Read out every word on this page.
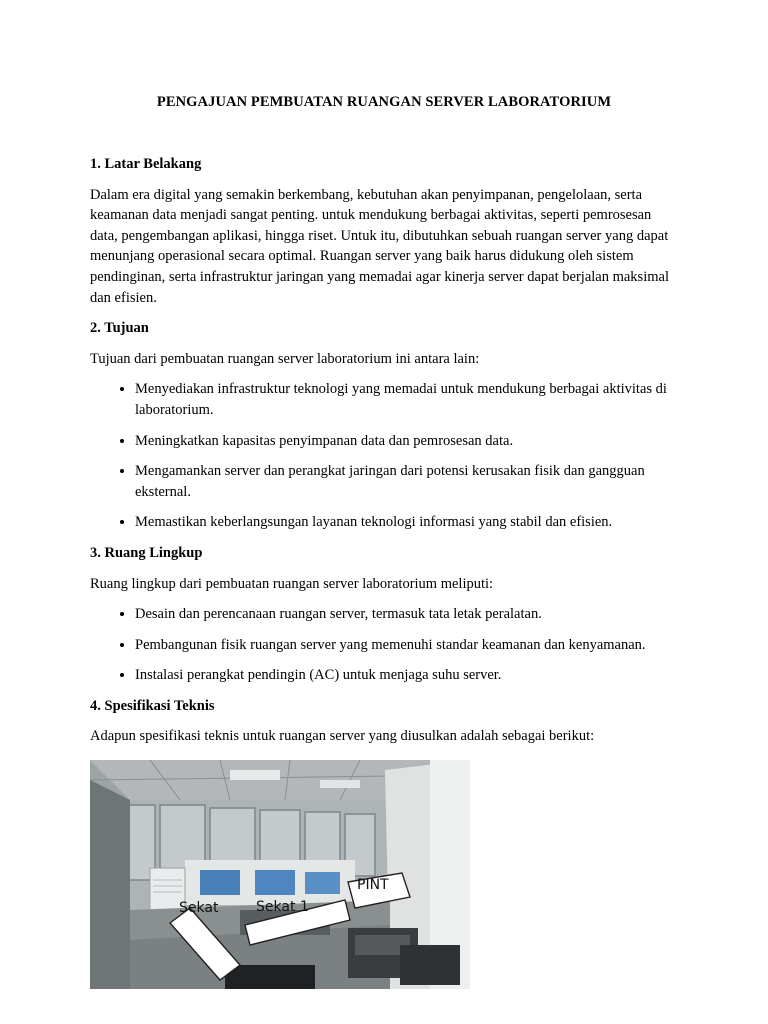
PENGAJUAN PEMBUATAN RUANGAN SERVER LABORATORIUM
1. Latar Belakang

Dalam era digital yang semakin berkembang, kebutuhan akan penyimpanan, pengelolaan, serta keamanan data menjadi sangat penting. untuk mendukung berbagai aktivitas, seperti pemrosesan data, pengembangan aplikasi, hingga riset. Untuk itu, dibutuhkan sebuah ruangan server yang dapat menunjang operasional secara optimal. Ruangan server yang baik harus didukung oleh sistem pendinginan, serta infrastruktur jaringan yang memadai agar kinerja server dapat berjalan maksimal dan efisien.

2. Tujuan

Tujuan dari pembuatan ruangan server laboratorium ini antara lain:

• Menyediakan infrastruktur teknologi yang memadai untuk mendukung berbagai aktivitas di laboratorium.
• Meningkatkan kapasitas penyimpanan data dan pemrosesan data.
• Mengamankan server dan perangkat jaringan dari potensi kerusakan fisik dan gangguan eksternal.
• Memastikan keberlangsungan layanan teknologi informasi yang stabil dan efisien.
3. Ruang Lingkup

Ruang lingkup dari pembuatan ruangan server laboratorium meliputi:

• Desain dan perencanaan ruangan server, termasuk tata letak peralatan.
• Pembangunan fisik ruangan server yang memenuhi standar keamanan dan kenyamanan.
• Instalasi perangkat pendingin (AC) untuk menjaga suhu server.
4. Spesifikasi Teknis

Adapun spesifikasi teknis untuk ruangan server yang diusulkan adalah sebagai berikut:

Sekat	Sekat 1
PINT
